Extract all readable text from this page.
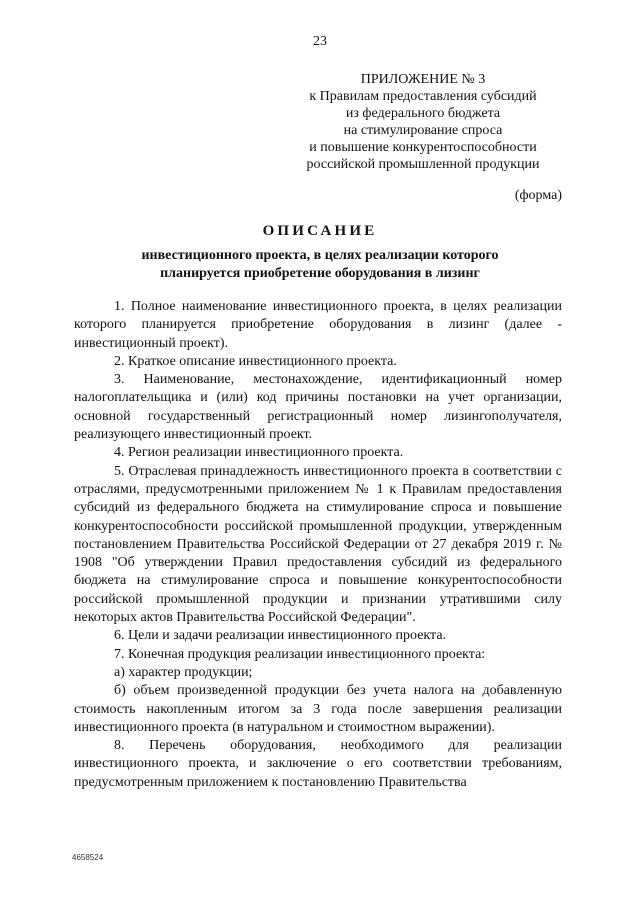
23
ПРИЛОЖЕНИЕ № 3
к Правилам предоставления субсидий
из федерального бюджета
на стимулирование спроса
и повышение конкурентоспособности
российской промышленной продукции
(форма)
ОПИСАНИЕ
инвестиционного проекта, в целях реализации которого
планируется приобретение оборудования в лизинг

1. Полное наименование инвестиционного проекта, в целях реализации которого планируется приобретение оборудования в лизинг (далее - инвестиционный проект).

2. Краткое описание инвестиционного проекта.

3. Наименование, местонахождение, идентификационный номер налогоплательщика и (или) код причины постановки на учет организации, основной государственный регистрационный номер лизингополучателя, реализующего инвестиционный проект.

4. Регион реализации инвестиционного проекта.

5. Отраслевая принадлежность инвестиционного проекта в соответствии с отраслями, предусмотренными приложением № 1 к Правилам предоставления субсидий из федерального бюджета на стимулирование спроса и повышение конкурентоспособности российской промышленной продукции, утвержденным постановлением Правительства Российской Федерации от 27 декабря 2019 г. № 1908 "Об утверждении Правил предоставления субсидий из федерального бюджета на стимулирование спроса и повышение конкурентоспособности российской промышленной продукции и признании утратившими силу некоторых актов Правительства Российской Федерации".

6. Цели и задачи реализации инвестиционного проекта.

7. Конечная продукция реализации инвестиционного проекта:

а) характер продукции;

б) объем произведенной продукции без учета налога на добавленную стоимость накопленным итогом за 3 года после завершения реализации инвестиционного проекта (в натуральном и стоимостном выражении).

8. Перечень оборудования, необходимого для реализации инвестиционного проекта, и заключение о его соответствии требованиям, предусмотренным приложением к постановлению Правительства

4658524
